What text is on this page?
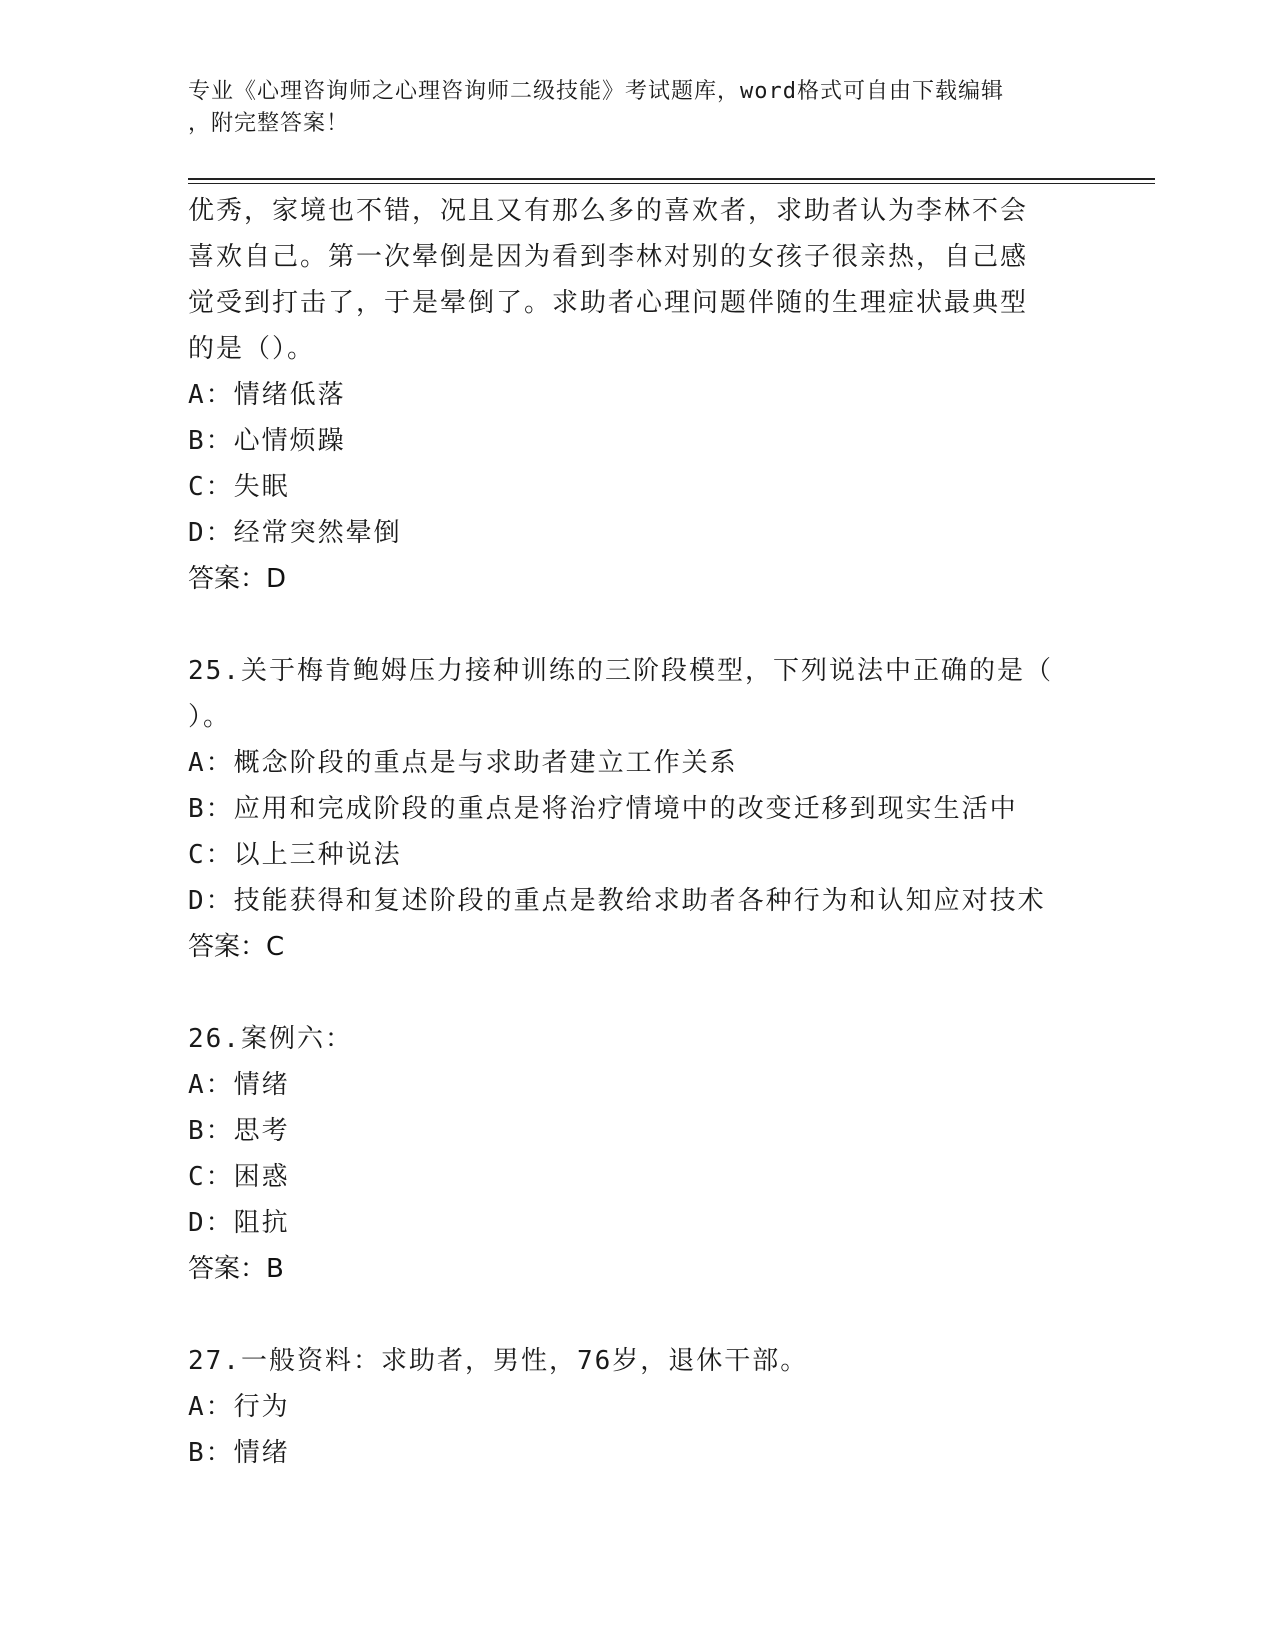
专业《心理咨询师之心理咨询师二级技能》考试题库，word格式可自由下载编辑
，附完整答案！
优秀，家境也不错，况且又有那么多的喜欢者，求助者认为李林不会
喜欢自己。第一次晕倒是因为看到李林对别的女孩子很亲热，自己感
觉受到打击了，于是晕倒了。求助者心理问题伴随的生理症状最典型
的是（）。
A：情绪低落
B：心情烦躁
C：失眠
D：经常突然晕倒
答案：D
25.关于梅肯鲍姆压力接种训练的三阶段模型，下列说法中正确的是（
）。
A：概念阶段的重点是与求助者建立工作关系
B：应用和完成阶段的重点是将治疗情境中的改变迁移到现实生活中
C：以上三种说法
D：技能获得和复述阶段的重点是教给求助者各种行为和认知应对技术
答案：C
26.案例六：
A：情绪
B：思考
C：困惑
D：阻抗
答案：B
27.一般资料：求助者，男性，76岁，退休干部。
A：行为
B：情绪
